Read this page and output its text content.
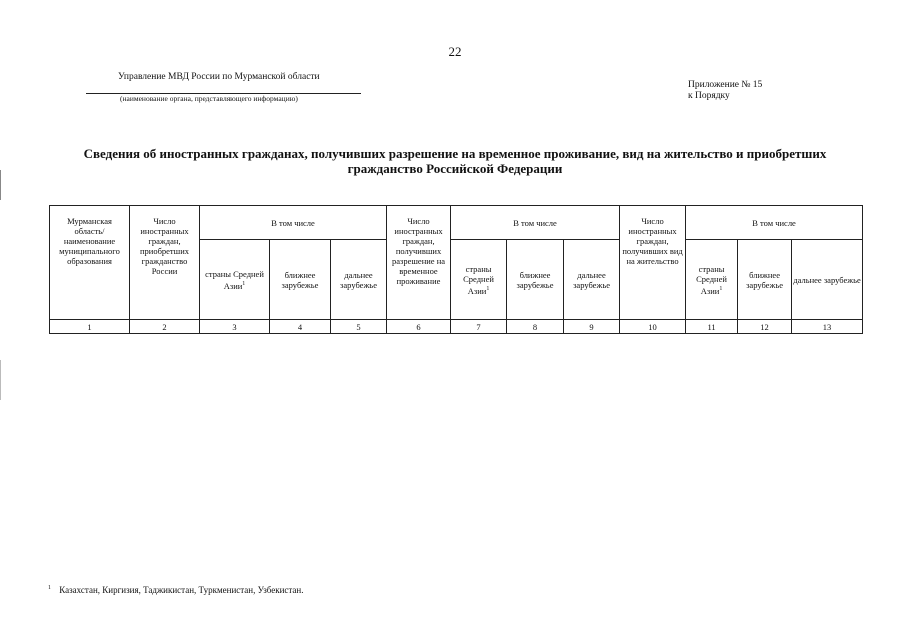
22
Управление МВД России по Мурманской области
(наименование органа, представляющего информацию)
Приложение № 15
к Порядку
Сведения об иностранных гражданах, получивших разрешение на временное проживание, вид на жительство и приобретших
гражданство Российской Федерации
Мурманская область/ наименование муниципального образования	Число иностранных граждан, приобретших гражданство России	В том числе			Число иностранных граждан, получивших разрешение на временное проживание	В том числе			Число иностранных граждан, получивших вид на жительство	В том числе		
		страны Средней Азии$^1$	ближнее зарубежье	дальнее зарубежье		страны Средней Азии$^1$	ближнее зарубежье	дальнее зарубежье		страны Средней Азии$^1$	ближнее зарубежье	дальнее зарубежье
1	2	3	4	5	6	7	8	9	10	11	12	13
$^1$ Казахстан, Киргизия, Таджикистан, Туркменистан, Узбекистан.
